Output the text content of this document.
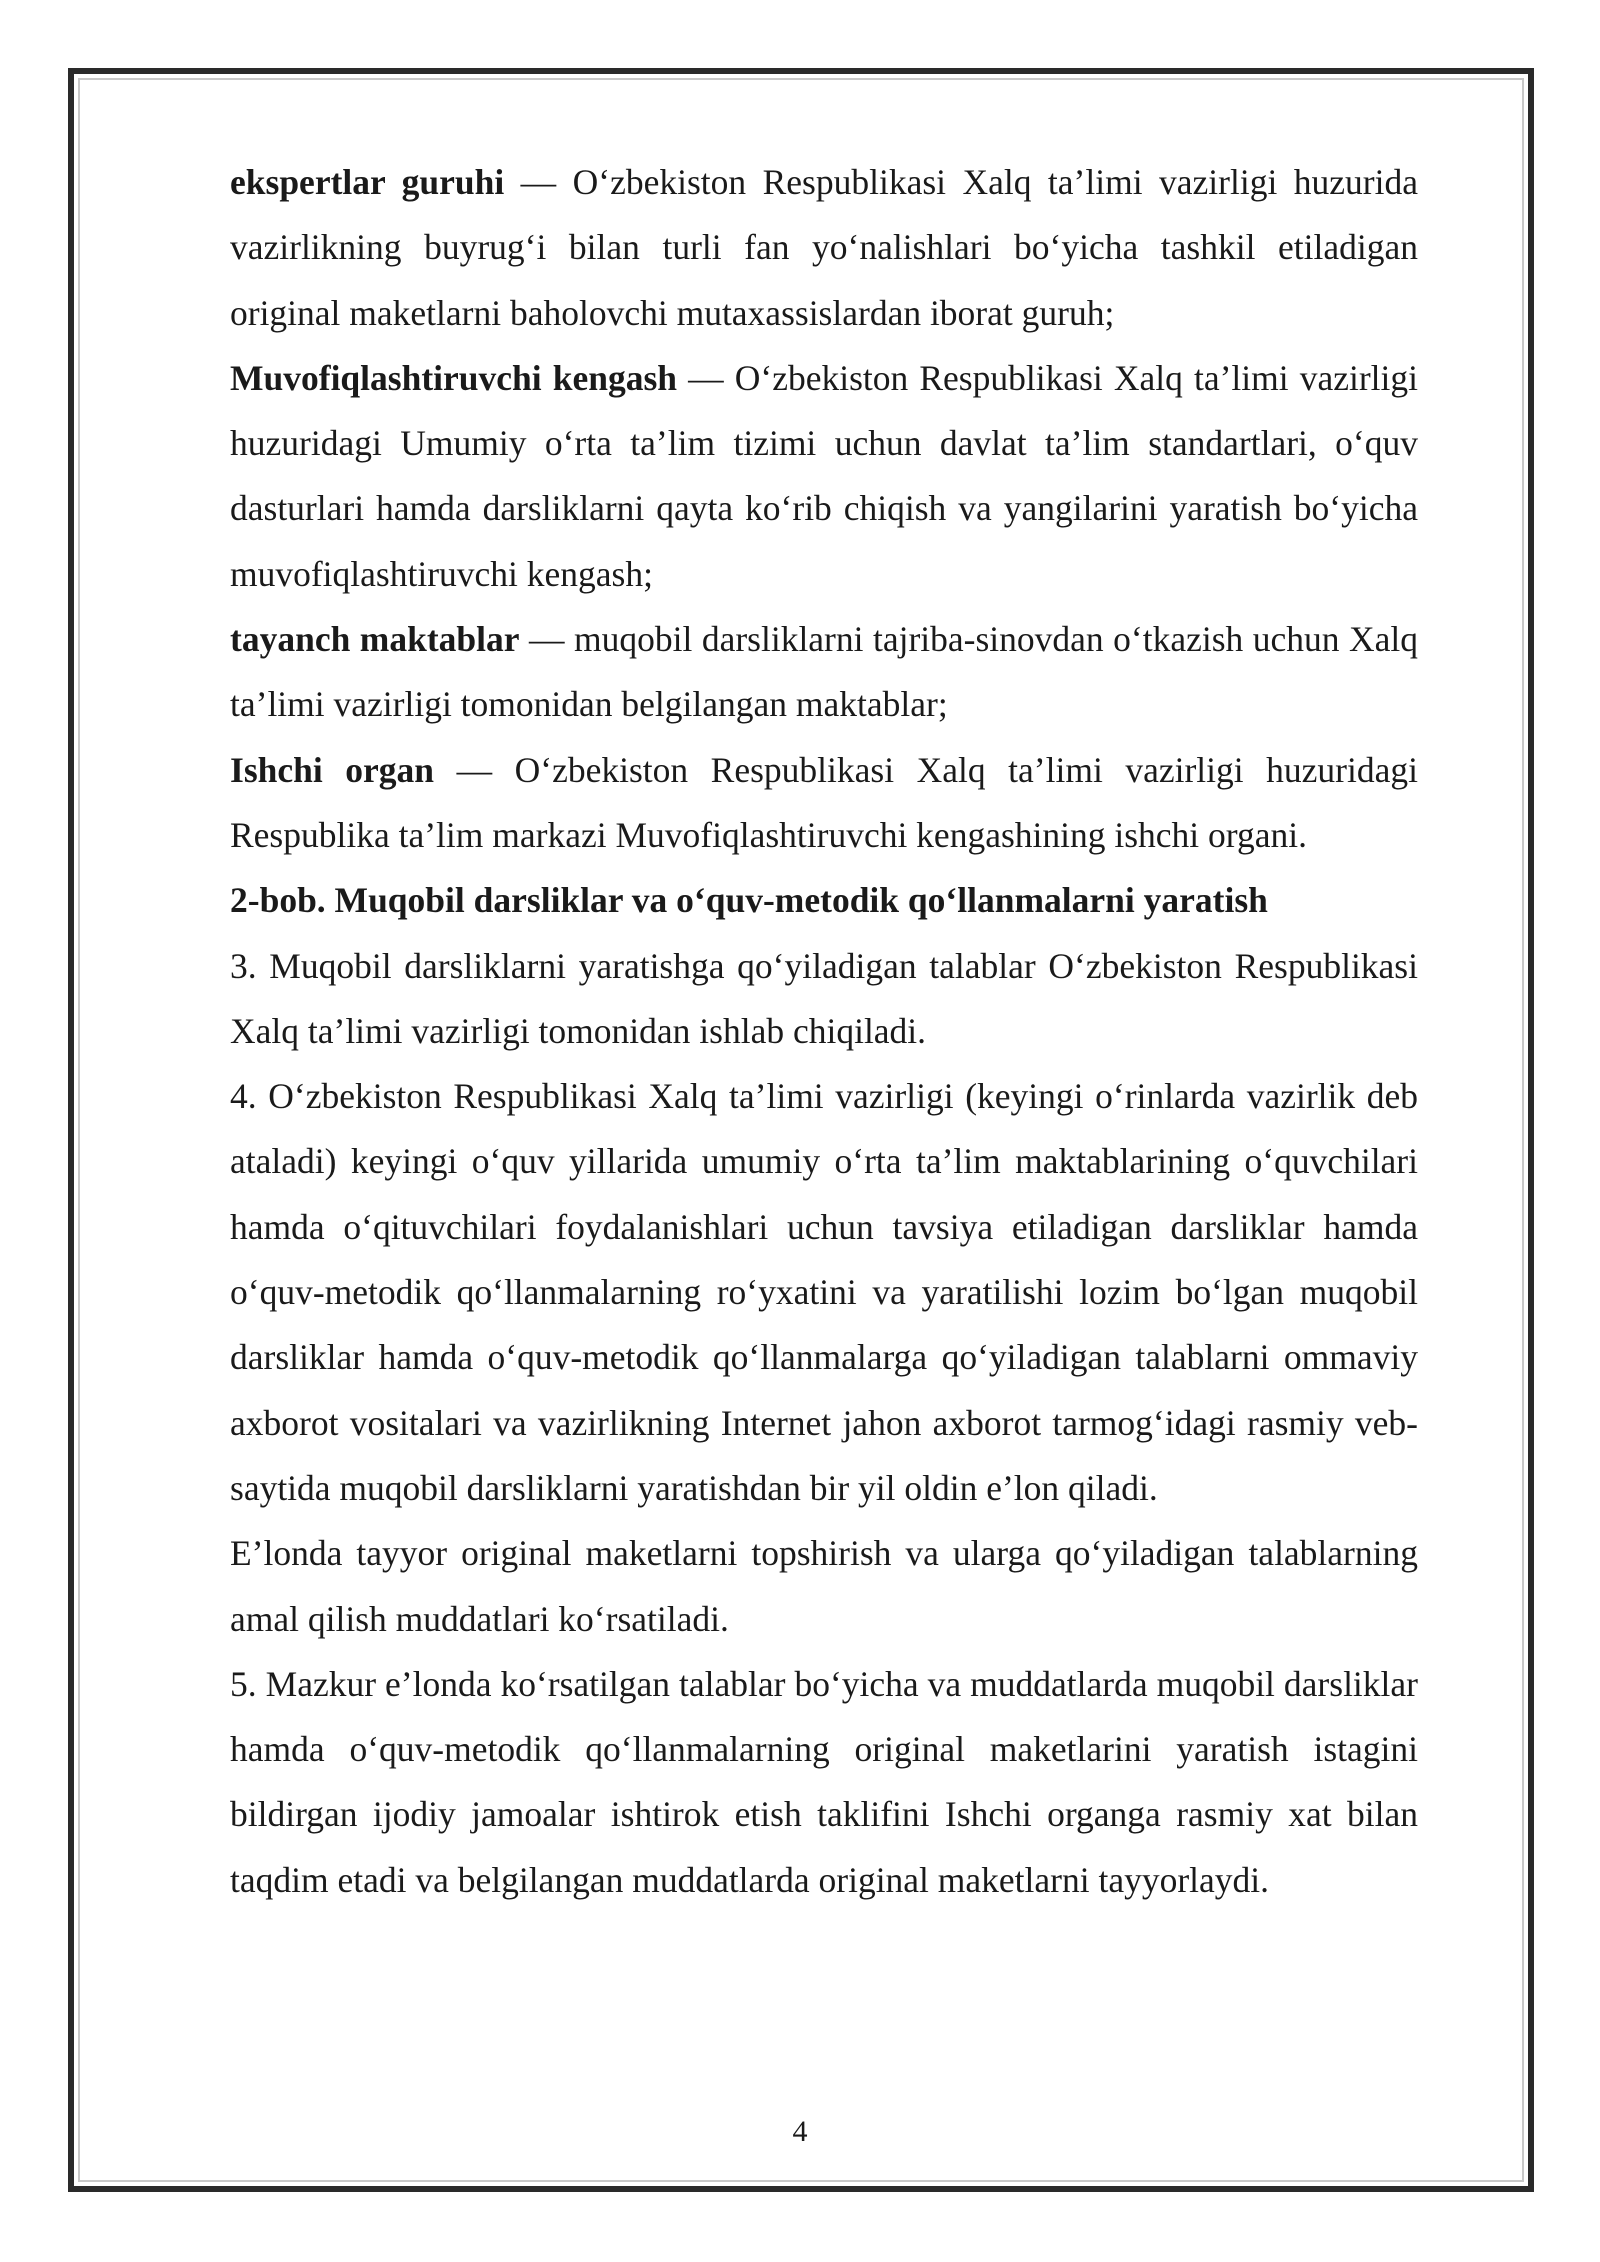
ekspertlar guruhi — O‘zbekiston Respublikasi Xalq ta’limi vazirligi huzurida vazirlikning buyrug‘i bilan turli fan yo‘nalishlari bo‘yicha tashkil etiladigan original maketlarni baholovchi mutaxassislardan iborat guruh;

Muvofiqlashtiruvchi kengash — O‘zbekiston Respublikasi Xalq ta’limi vazirligi huzuridagi Umumiy o‘rta ta’lim tizimi uchun davlat ta’lim standartlari, o‘quv dasturlari hamda darsliklarni qayta ko‘rib chiqish va yangilarini yaratish bo‘yicha muvofiqlashtiruvchi kengash;

tayanch maktablar — muqobil darsliklarni tajriba-sinovdan o‘tkazish uchun Xalq ta’limi vazirligi tomonidan belgilangan maktablar;

Ishchi organ — O‘zbekiston Respublikasi Xalq ta’limi vazirligi huzuridagi Respublika ta’lim markazi Muvofiqlashtiruvchi kengashining ishchi organi.

2-bob. Muqobil darsliklar va o‘quv-metodik qo‘llanmalarni yaratish

3. Muqobil darsliklarni yaratishga qo‘yiladigan talablar O‘zbekiston Respublikasi Xalq ta’limi vazirligi tomonidan ishlab chiqiladi.

4. O‘zbekiston Respublikasi Xalq ta’limi vazirligi (keyingi o‘rinlarda vazirlik deb ataladi) keyingi o‘quv yillarida umumiy o‘rta ta’lim maktablarining o‘quvchilari hamda o‘qituvchilari foydalanishlari uchun tavsiya etiladigan darsliklar hamda o‘quv-metodik qo‘llanmalarning ro‘yxatini va yaratilishi lozim bo‘lgan muqobil darsliklar hamda o‘quv-metodik qo‘llanmalarga qo‘yiladigan talablarni ommaviy axborot vositalari va vazirlikning Internet jahon axborot tarmog‘idagi rasmiy veb-saytida muqobil darsliklarni yaratishdan bir yil oldin e’lon qiladi.

E’londa tayyor original maketlarni topshirish va ularga qo‘yiladigan talablarning amal qilish muddatlari ko‘rsatiladi.

5. Mazkur e’londa ko‘rsatilgan talablar bo‘yicha va muddatlarda muqobil darsliklar hamda o‘quv-metodik qo‘llanmalarning original maketlarini yaratish istagini bildirgan ijodiy jamoalar ishtirok etish taklifini Ishchi organga rasmiy xat bilan taqdim etadi va belgilangan muddatlarda original maketlarni tayyorlaydi.

4
